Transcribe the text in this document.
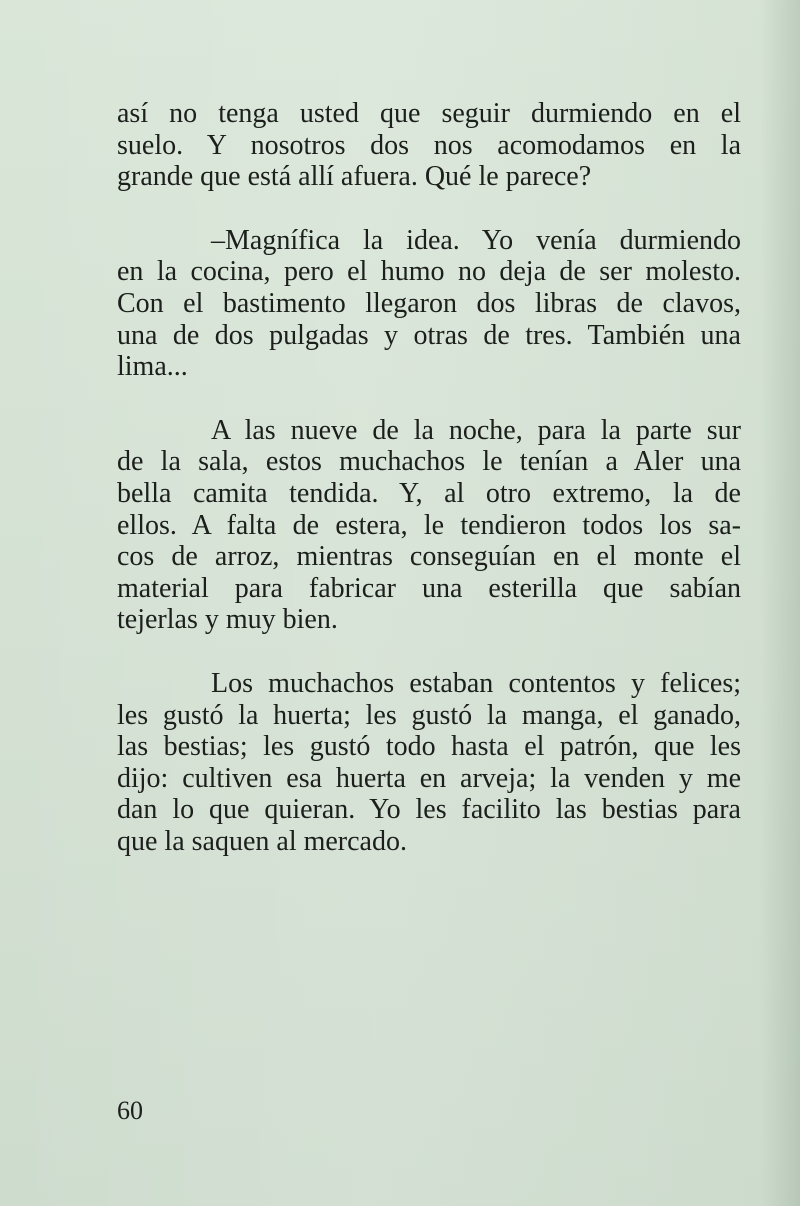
así no tenga usted que seguir durmiendo en el
suelo. Y nosotros dos nos acomodamos en la
grande que está allí afuera. Qué le parece?
–Magnífica la idea. Yo venía durmiendo
en la cocina, pero el humo no deja de ser molesto.
Con el bastimento llegaron dos libras de clavos,
una de dos pulgadas y otras de tres. También una
lima...
A las nueve de la noche, para la parte sur
de la sala, estos muchachos le tenían a Aler una
bella camita tendida. Y, al otro extremo, la de
ellos. A falta de estera, le tendieron todos los sa-
cos de arroz, mientras conseguían en el monte el
material para fabricar una esterilla que sabían
tejerlas y muy bien.
Los muchachos estaban contentos y felices;
les gustó la huerta; les gustó la manga, el ganado,
las bestias; les gustó todo hasta el patrón, que les
dijo: cultiven esa huerta en arveja; la venden y me
dan lo que quieran. Yo les facilito las bestias para
que la saquen al mercado.
60
